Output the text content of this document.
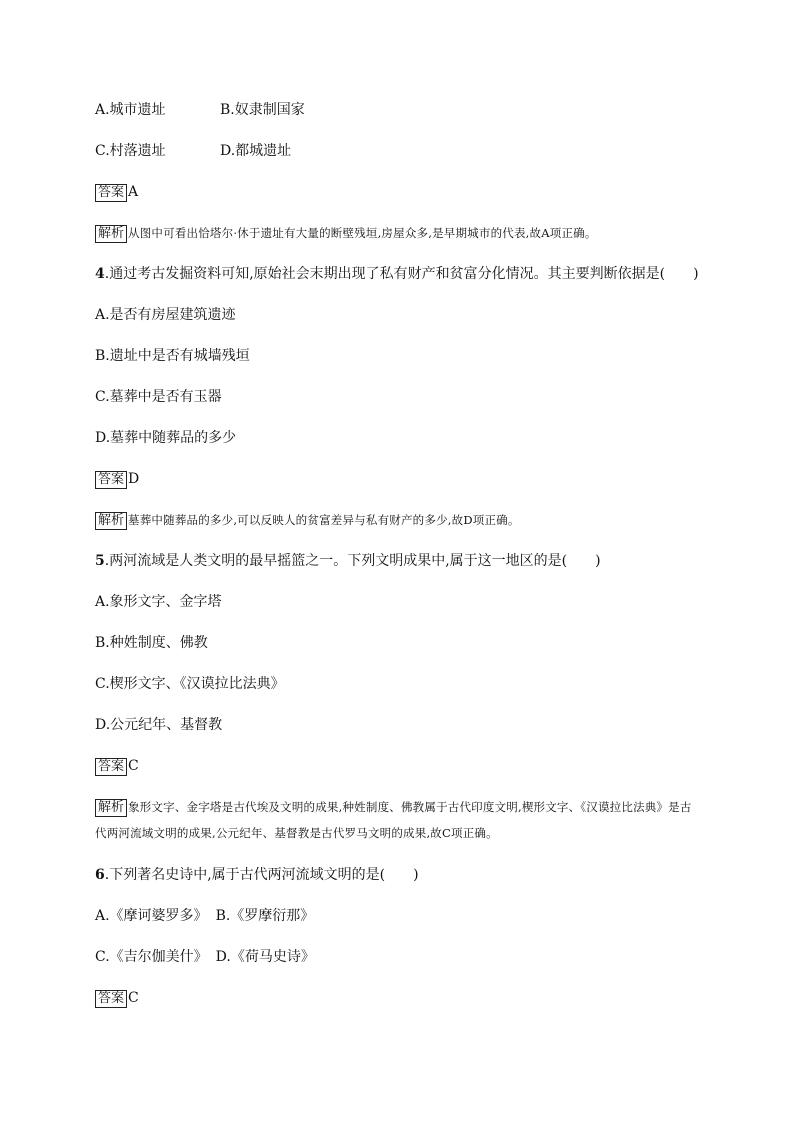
A.城市遗址	B.奴隶制国家
C.村落遗址	D.都城遗址
答案 A
解析 从图中可看出恰塔尔·休于遗址有大量的断壁残垣,房屋众多,是早期城市的代表,故A项正确。
4.通过考古发掘资料可知,原始社会末期出现了私有财产和贫富分化情况。其主要判断依据是(　　)
A.是否有房屋建筑遗迹
B.遗址中是否有城墙残垣
C.墓葬中是否有玉器
D.墓葬中随葬品的多少
答案 D
解析 墓葬中随葬品的多少,可以反映人的贫富差异与私有财产的多少,故D项正确。
5.两河流域是人类文明的最早摇篮之一。下列文明成果中,属于这一地区的是(　　)
A.象形文字、金字塔
B.种姓制度、佛教
C.楔形文字、《汉谟拉比法典》
D.公元纪年、基督教
答案 C
解析 象形文字、金字塔是古代埃及文明的成果,种姓制度、佛教属于古代印度文明,楔形文字、《汉谟拉比法典》是古代两河流域文明的成果,公元纪年、基督教是古代罗马文明的成果,故C项正确。
6.下列著名史诗中,属于古代两河流域文明的是(　　)
A.《摩诃婆罗多》 B.《罗摩衍那》
C.《吉尔伽美什》 D.《荷马史诗》
答案 C
